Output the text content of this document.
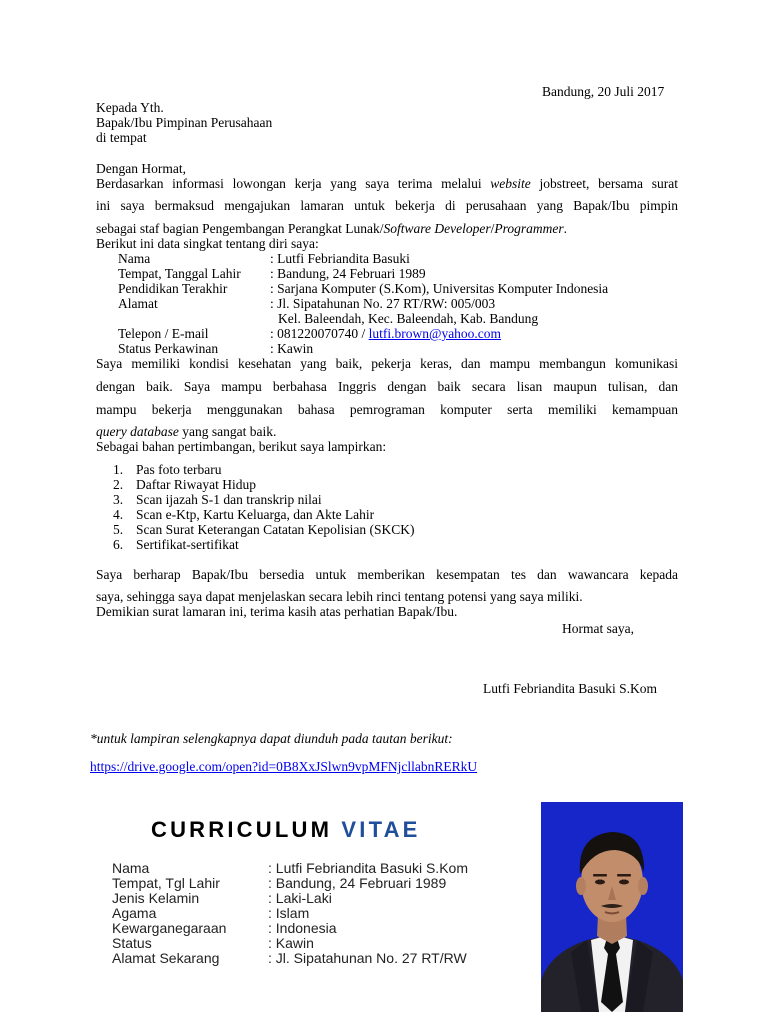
Bandung, 20 Juli 2017
Kepada Yth.
Bapak/Ibu Pimpinan Perusahaan
di tempat
Dengan Hormat,
Berdasarkan informasi lowongan kerja yang saya terima melalui website jobstreet, bersama surat
ini saya bermaksud mengajukan lamaran untuk bekerja di perusahaan yang Bapak/Ibu pimpin
sebagai staf bagian Pengembangan Perangkat Lunak/Software Developer/Programmer.
Berikut ini data singkat tentang diri saya:
Nama	: Lutfi Febriandita Basuki
Tempat, Tanggal Lahir : Bandung, 24 Februari 1989
Pendidikan Terakhir	: Sarjana Komputer (S.Kom), Universitas Komputer Indonesia
Alamat	: Jl. Sipatahunan No. 27 RT/RW: 005/003
Kel. Baleendah, Kec. Baleendah, Kab. Bandung
Telepon / E-mail	: 081220070740 / lutfi.brown@yahoo.com
Status Perkawinan	: Kawin
Saya memiliki kondisi kesehatan yang baik, pekerja keras, dan mampu membangun komunikasi
dengan baik. Saya mampu berbahasa Inggris dengan baik secara lisan maupun tulisan, dan
mampu bekerja menggunakan bahasa pemrograman komputer serta memiliki kemampuan
query database yang sangat baik.
Sebagai bahan pertimbangan, berikut saya lampirkan:
1. Pas foto terbaru
2. Daftar Riwayat Hidup
3. Scan ijazah S-1 dan transkrip nilai
4. Scan e-Ktp, Kartu Keluarga, dan Akte Lahir
5. Scan Surat Keterangan Catatan Kepolisian (SKCK)
6. Sertifikat-sertifikat
Saya berharap Bapak/Ibu bersedia untuk memberikan kesempatan tes dan wawancara kepada
saya, sehingga saya dapat menjelaskan secara lebih rinci tentang potensi yang saya miliki.
Demikian surat lamaran ini, terima kasih atas perhatian Bapak/Ibu.
Hormat saya,
Lutfi Febriandita Basuki S.Kom
*untuk lampiran selengkapnya dapat diunduh pada tautan berikut:
https://drive.google.com/open?id=0B8XxJSlwn9vpMFNjcllabnRERkU
CURRICULUM VITAE
Nama	: Lutfi Febriandita Basuki S.Kom
Tempat, Tgl Lahir	: Bandung, 24 Februari 1989
Jenis Kelamin	: Laki-Laki
Agama	: Islam
Kewarganegaraan	: Indonesia
Status	: Kawin
Alamat Sekarang	: Jl. Sipatahunan No. 27 RT/RW
